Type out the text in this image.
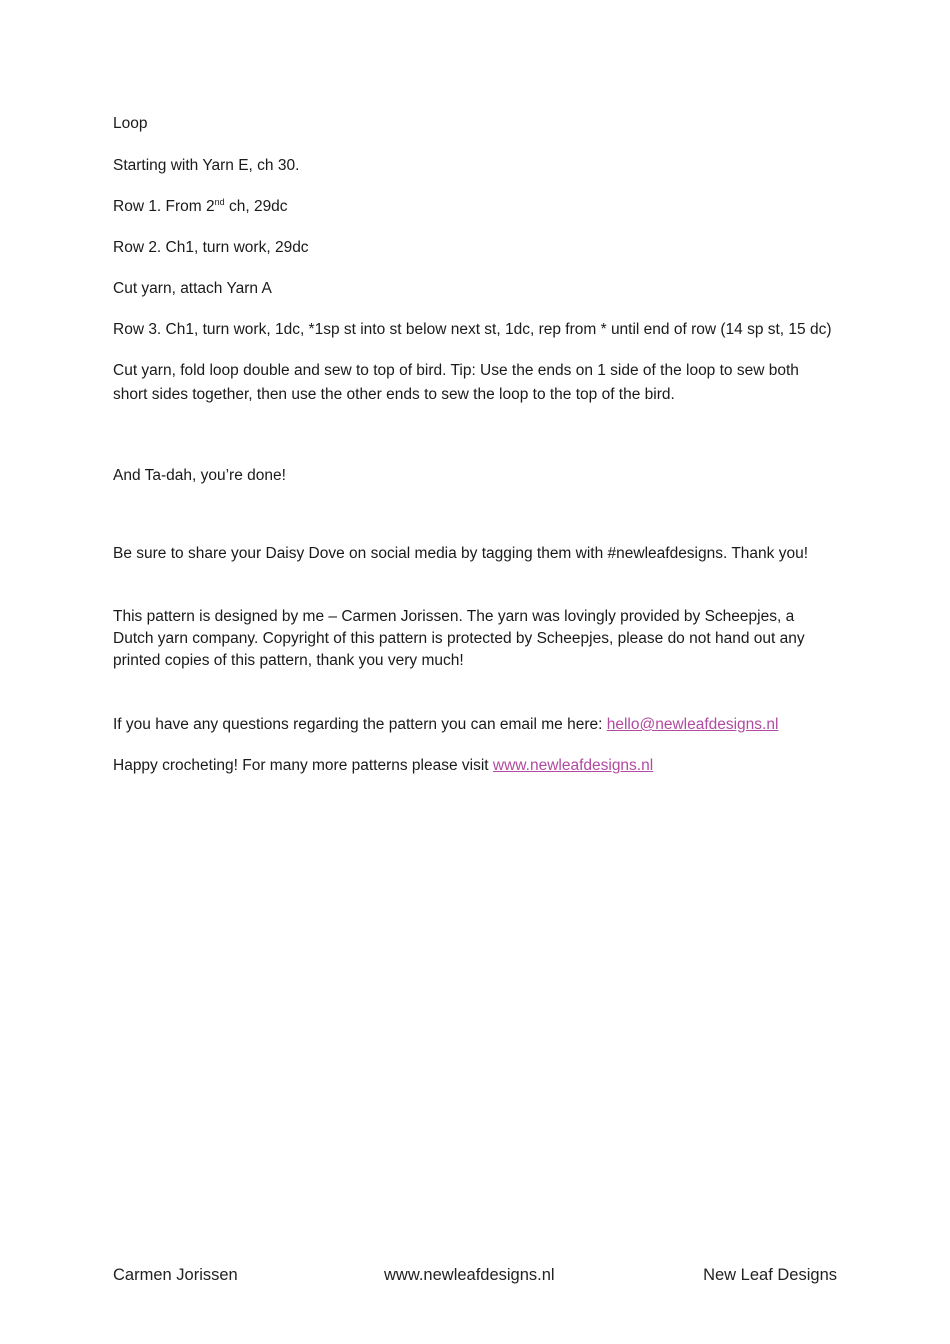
Loop

Starting with Yarn E, ch 30.

Row 1. From 2nd ch, 29dc

Row 2. Ch1, turn work, 29dc

Cut yarn, attach Yarn A

Row 3. Ch1, turn work, 1dc, *1sp st into st below next st, 1dc, rep from * until end of row (14 sp st, 15 dc)

Cut yarn, fold loop double and sew to top of bird. Tip: Use the ends on 1 side of the loop to sew both short sides together, then use the other ends to sew the loop to the top of the bird.

And Ta-dah, you’re done!

Be sure to share your Daisy Dove on social media by tagging them with #newleafdesigns. Thank you!

This pattern is designed by me – Carmen Jorissen. The yarn was lovingly provided by Scheepjes, a Dutch yarn company. Copyright of this pattern is protected by Scheepjes, please do not hand out any printed copies of this pattern, thank you very much!

If you have any questions regarding the pattern you can email me here: hello@newleafdesigns.nl

Happy crocheting! For many more patterns please visit www.newleafdesigns.nl

Carmen Jorissen	www.newleafdesigns.nl	New Leaf Designs
